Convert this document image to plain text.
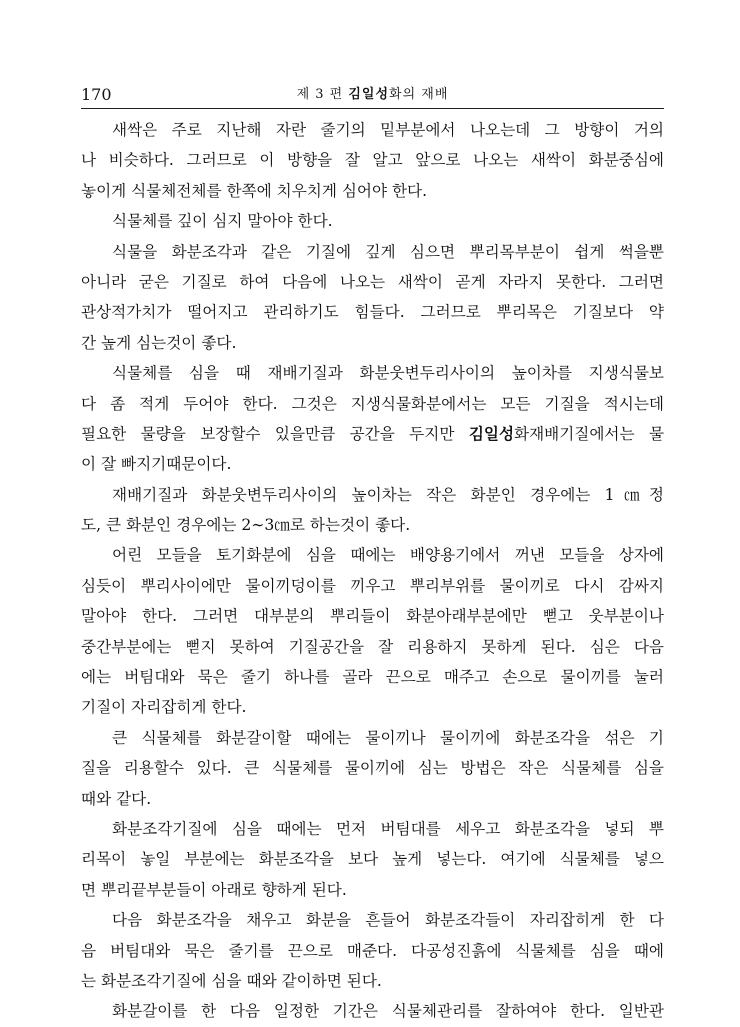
170	제 3 편 김일성화의 재배
새싹은 주로 지난해 자란 줄기의 밑부분에서 나오는데 그 방향이 거의
나 비슷하다. 그러므로 이 방향을 잘 알고 앞으로 나오는 새싹이 화분중심에
놓이게 식물체전체를 한쪽에 치우치게 심어야 한다.
식물체를 깊이 심지 말아야 한다.
식물을 화분조각과 같은 기질에 깊게 심으면 뿌리목부분이 쉽게 썩을뿐
아니라 굳은 기질로 하여 다음에 나오는 새싹이 곧게 자라지 못한다. 그러면
관상적가치가 떨어지고 관리하기도 힘들다. 그러므로 뿌리목은 기질보다 약
간 높게 심는것이 좋다.
식물체를 심을 때 재배기질과 화분웃변두리사이의 높이차를 지생식물보
다 좀 적게 두어야 한다. 그것은 지생식물화분에서는 모든 기질을 적시는데
필요한 물량을 보장할수 있을만큼 공간을 두지만 김일성화재배기질에서는 물
이 잘 빠지기때문이다.
재배기질과 화분웃변두리사이의 높이차는 작은 화분인 경우에는 1㎝정
도, 큰 화분인 경우에는 2∼3㎝로 하는것이 좋다.
어린 모들을 토기화분에 심을 때에는 배양용기에서 꺼낸 모들을 상자에
심듯이 뿌리사이에만 물이끼덩이를 끼우고 뿌리부위를 물이끼로 다시 감싸지
말아야 한다. 그러면 대부분의 뿌리들이 화분아래부분에만 뻗고 웃부분이나
중간부분에는 뻗지 못하여 기질공간을 잘 리용하지 못하게 된다. 심은 다음
에는 버팀대와 묵은 줄기 하나를 골라 끈으로 매주고 손으로 물이끼를 눌러
기질이 자리잡히게 한다.
큰 식물체를 화분갈이할 때에는 물이끼나 물이끼에 화분조각을 섞은 기
질을 리용할수 있다. 큰 식물체를 물이끼에 심는 방법은 작은 식물체를 심을
때와 같다.
화분조각기질에 심을 때에는 먼저 버팀대를 세우고 화분조각을 넣되 뿌
리목이 놓일 부분에는 화분조각을 보다 높게 넣는다. 여기에 식물체를 넣으
면 뿌리끝부분들이 아래로 향하게 된다.
다음 화분조각을 채우고 화분을 흔들어 화분조각들이 자리잡히게 한 다
음 버팀대와 묵은 줄기를 끈으로 매준다. 다공성진흙에 식물체를 심을 때에
는 화분조각기질에 심을 때와 같이하면 된다.
화분갈이를 한 다음 일정한 기간은 식물체관리를 잘하여야 한다. 일반관
